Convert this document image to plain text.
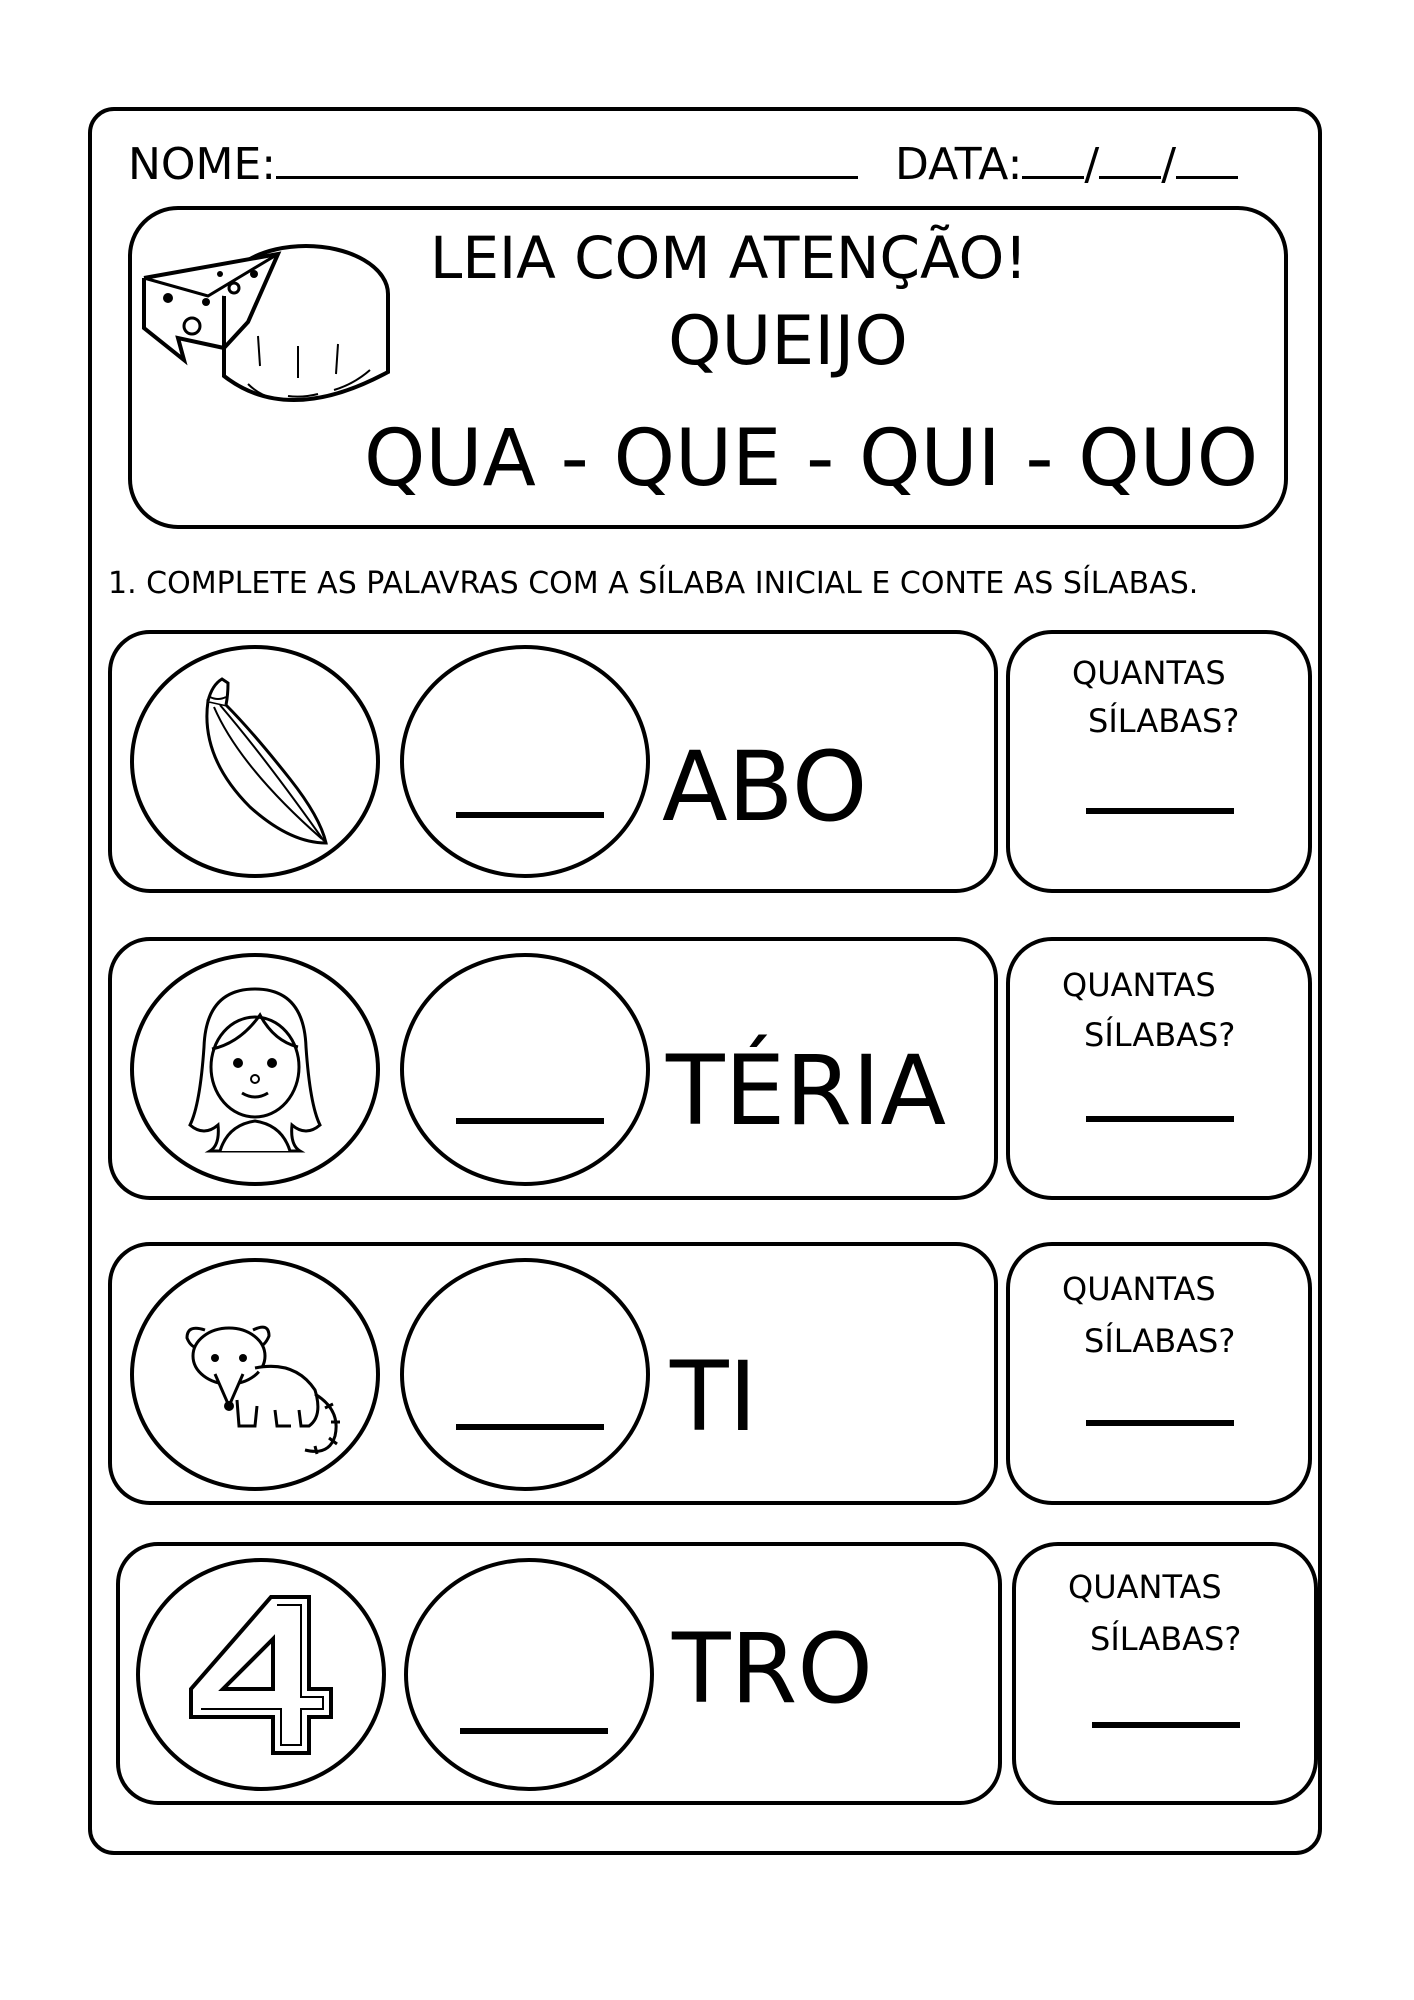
NOME:	DATA: / /
LEIA COM ATENÇÃO!
QUEIJO
QUA - QUE - QUI - QUO
1. COMPLETE AS PALAVRAS COM A SÍLABA INICIAL E CONTE AS SÍLABAS.
ABO
QUANTAS
SÍLABAS?
TÉRIA
QUANTAS
SÍLABAS?
TI
QUANTAS
SÍLABAS?
TRO
QUANTAS
SÍLABAS?
